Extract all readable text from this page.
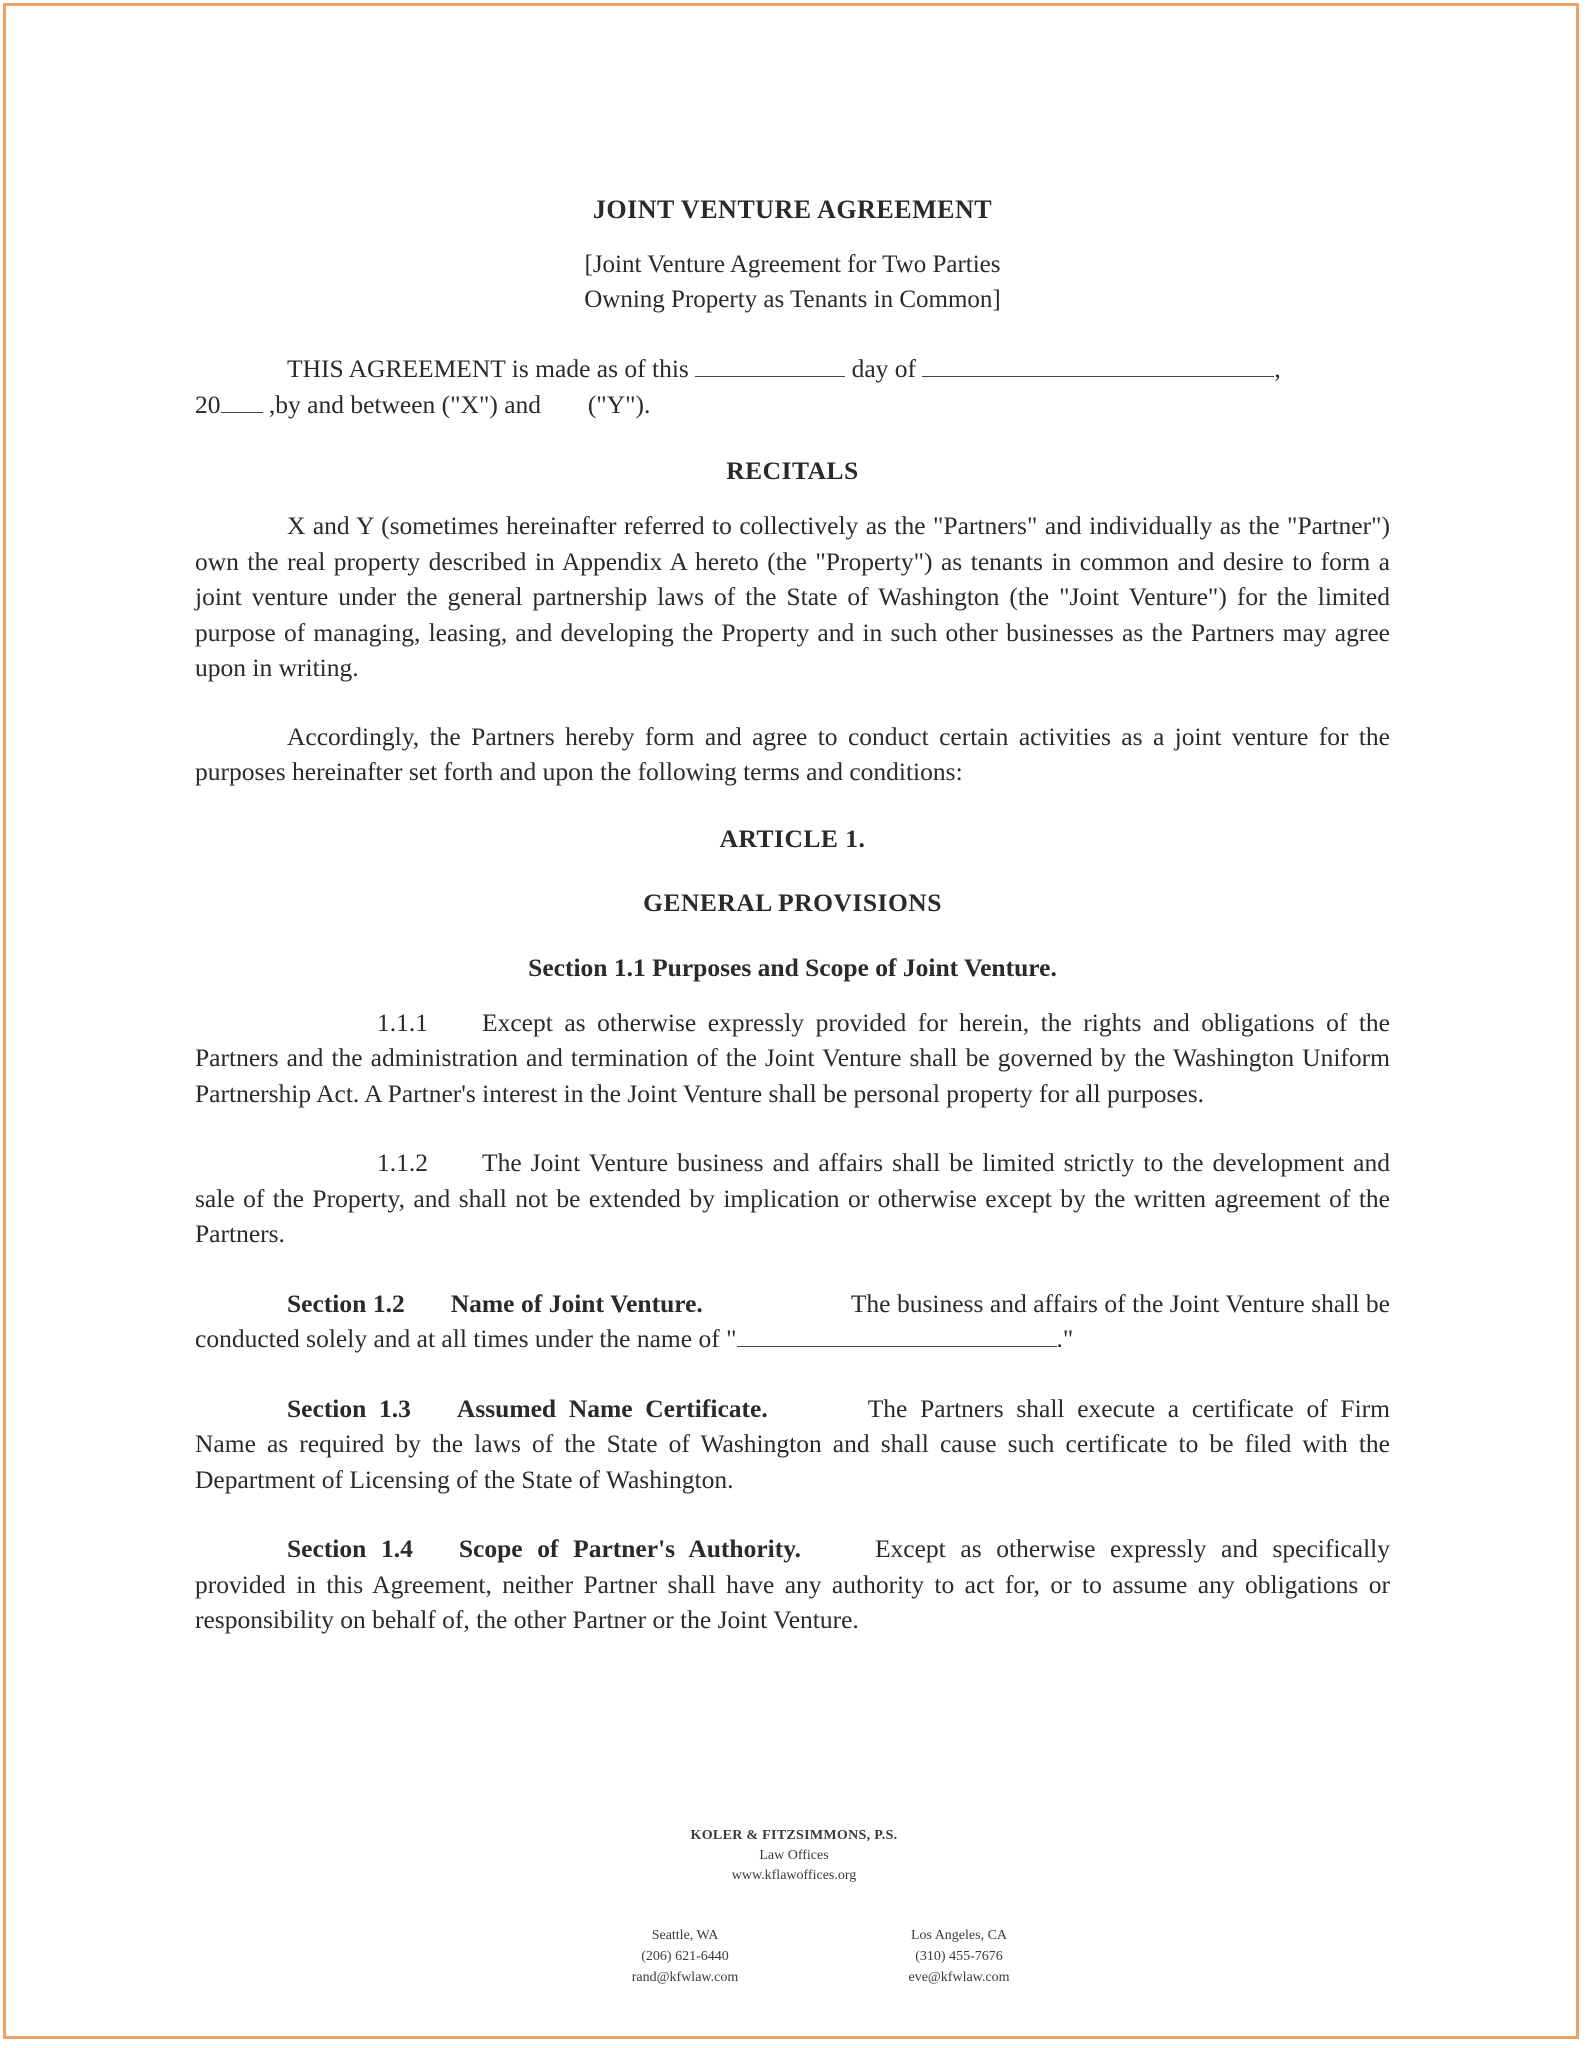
JOINT VENTURE AGREEMENT
[Joint Venture Agreement for Two Parties
Owning Property as Tenants in Common]

THIS AGREEMENT is made as of this	day of	,

20 ,by and between ("X") and ("Y").

RECITALS

X and Y (sometimes hereinafter referred to collectively as the "Partners" and individually as the "Partner") own the real property described in Appendix A hereto (the "Property") as tenants in common and desire to form a joint venture under the general partnership laws of the State of Washington (the "Joint Venture") for the limited purpose of managing, leasing, and developing the Property and in such other businesses as the Partners may agree upon in writing.

Accordingly, the Partners hereby form and agree to conduct certain activities as a joint venture for the purposes hereinafter set forth and upon the following terms and conditions:

ARTICLE 1.
GENERAL PROVISIONS
Section 1.1 Purposes and Scope of Joint Venture.

1.1.1 Except as otherwise expressly provided for herein, the rights and obligations of the Partners and the administration and termination of the Joint Venture shall be governed by the Washington Uniform Partnership Act. A Partner's interest in the Joint Venture shall be personal property for all purposes.

1.1.2 The Joint Venture business and affairs shall be limited strictly to the development and sale of the Property, and shall not be extended by implication or otherwise except by the written agreement of the Partners.

Section 1.2 Name of Joint Venture.	The business and affairs of the Joint Venture shall be conducted solely and at all times under the name of "	."

Section 1.3 Assumed Name Certificate.	The Partners shall execute a certificate of Firm Name as required by the laws of the State of Washington and shall cause such certificate to be filed with the Department of Licensing of the State of Washington.

Section 1.4 Scope of Partner's Authority.	Except as otherwise expressly and specifically provided in this Agreement, neither Partner shall have any authority to act for, or to assume any obligations or responsibility on behalf of, the other Partner or the Joint Venture.

KOLER & FITZSIMMONS, P.S.
Law Offices
www.kflawoffices.org
Seattle, WA
(206) 621-6440
rand@kfwlaw.com
Los Angeles, CA
(310) 455-7676
eve@kfwlaw.com
